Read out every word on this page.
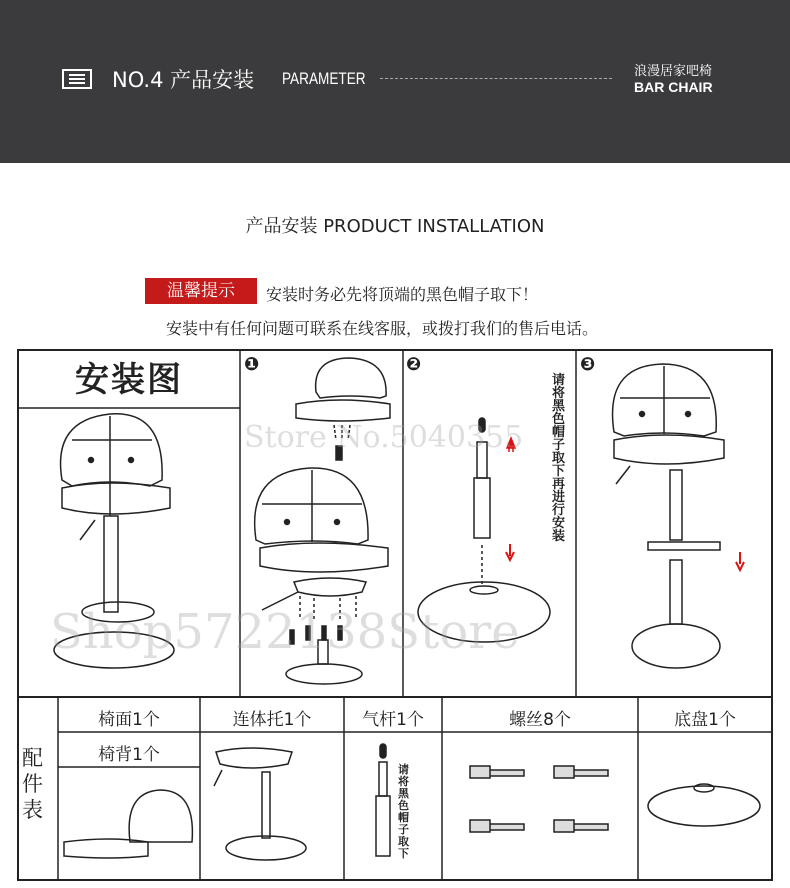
NO.4 产品安装 PARAMETER	浪漫居家吧椅
BAR CHAIR
产品安装 PRODUCT INSTALLATION
温馨提示	安装时务必先将顶端的黑色帽子取下！
安装中有任何问题可联系在线客服，或拨打我们的售后电话。
安装图	❶	❷	❸
请将黑色帽子取下再进行安装
配件表
椅面1个
椅背1个
连体托1个	气杆1个	螺丝8个	底盘1个
请将黑色帽子取下
Store No.5040355
Shop5722138Store
